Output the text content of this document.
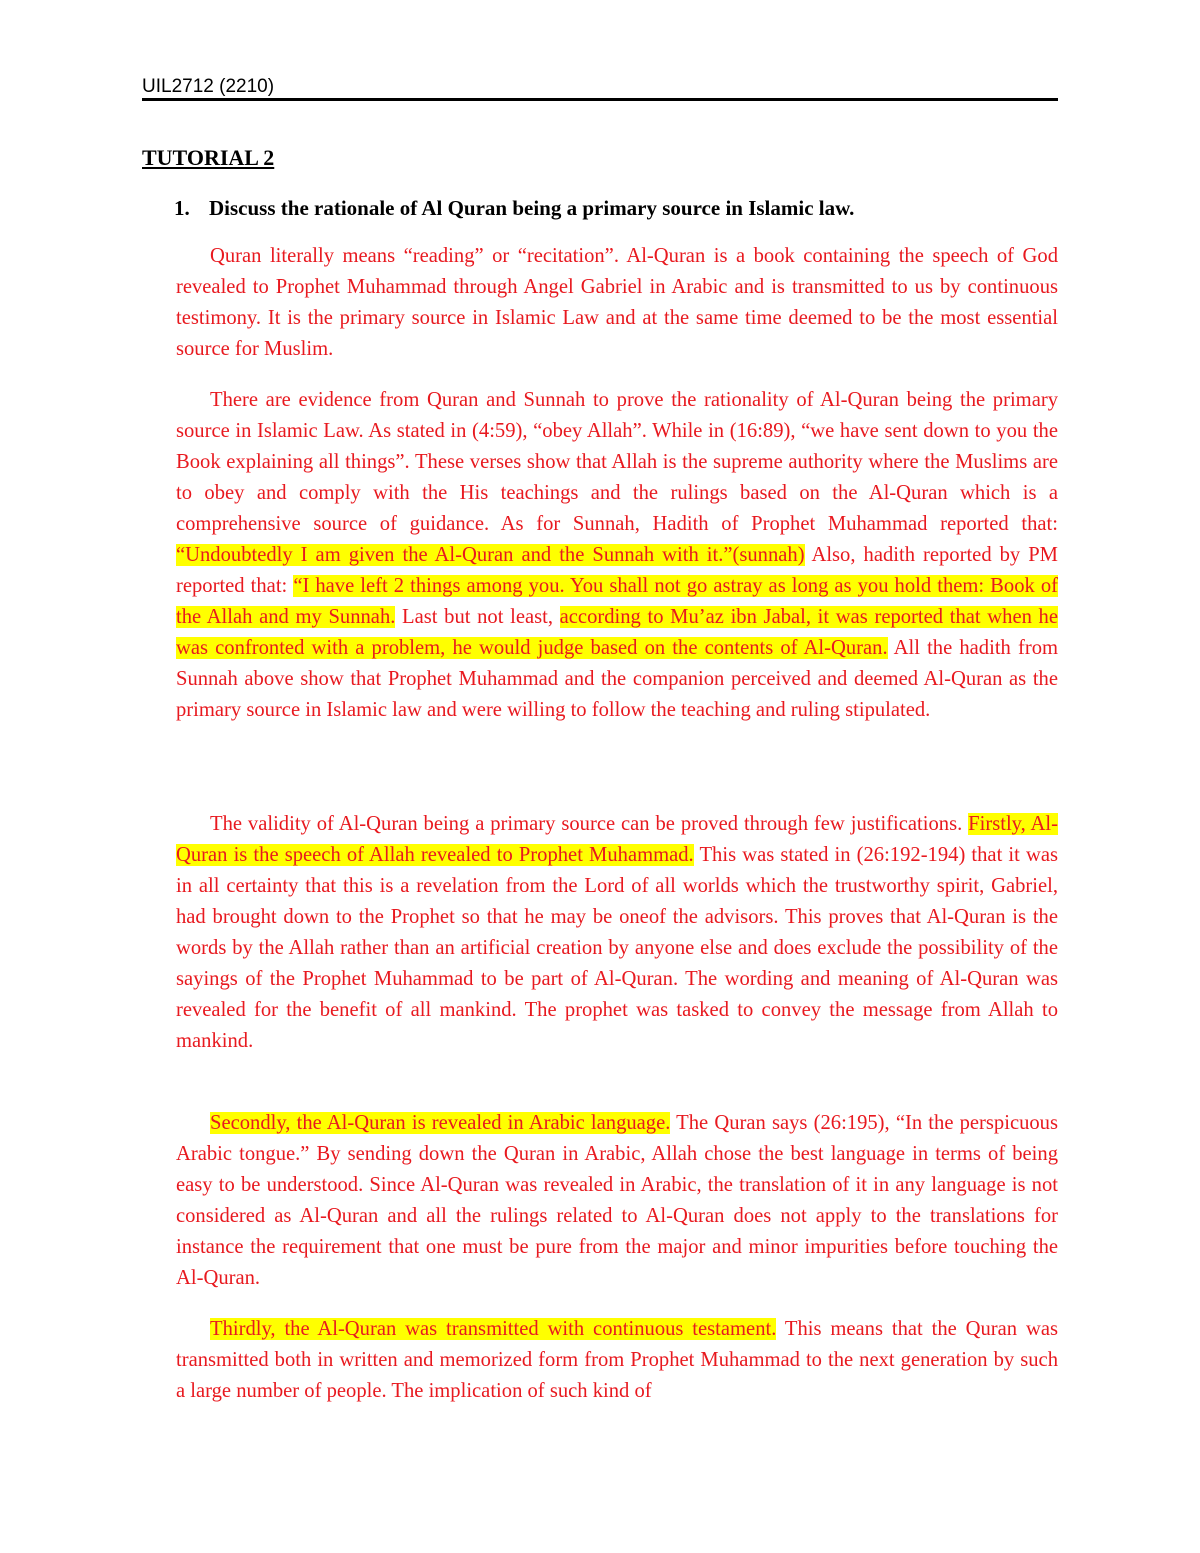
UIL2712 (2210)
TUTORIAL 2
1. Discuss the rationale of Al Quran being a primary source in Islamic law.

Quran literally means “reading” or “recitation”. Al-Quran is a book containing the speech of God revealed to Prophet Muhammad through Angel Gabriel in Arabic and is transmitted to us by continuous testimony. It is the primary source in Islamic Law and at the same time deemed to be the most essential source for Muslim.

There are evidence from Quran and Sunnah to prove the rationality of Al-Quran being the primary source in Islamic Law. As stated in (4:59), “obey Allah”. While in (16:89), “we have sent down to you the Book explaining all things”. These verses show that Allah is the supreme authority where the Muslims are to obey and comply with the His teachings and the rulings based on the Al-Quran which is a comprehensive source of guidance. As for Sunnah, Hadith of Prophet Muhammad reported that: “Undoubtedly I am given the Al-Quran and the Sunnah with it.”(sunnah) Also, hadith reported by PM reported that: “I have left 2 things among you. You shall not go astray as long as you hold them: Book of the Allah and my Sunnah. Last but not least, according to Mu’az ibn Jabal, it was reported that when he was confronted with a problem, he would judge based on the contents of Al-Quran. All the hadith from Sunnah above show that Prophet Muhammad and the companion perceived and deemed Al-Quran as the primary source in Islamic law and were willing to follow the teaching and ruling stipulated.

The validity of Al-Quran being a primary source can be proved through few justifications. Firstly, Al-Quran is the speech of Allah revealed to Prophet Muhammad. This was stated in (26:192-194) that it was in all certainty that this is a revelation from the Lord of all worlds which the trustworthy spirit, Gabriel, had brought down to the Prophet so that he may be oneof the advisors. This proves that Al-Quran is the words by the Allah rather than an artificial creation by anyone else and does exclude the possibility of the sayings of the Prophet Muhammad to be part of Al-Quran. The wording and meaning of Al-Quran was revealed for the benefit of all mankind. The prophet was tasked to convey the message from Allah to mankind.

Secondly, the Al-Quran is revealed in Arabic language. The Quran says (26:195), “In the perspicuous Arabic tongue.” By sending down the Quran in Arabic, Allah chose the best language in terms of being easy to be understood. Since Al-Quran was revealed in Arabic, the translation of it in any language is not considered as Al-Quran and all the rulings related to Al-Quran does not apply to the translations for instance the requirement that one must be pure from the major and minor impurities before touching the Al-Quran.

Thirdly, the Al-Quran was transmitted with continuous testament. This means that the Quran was transmitted both in written and memorized form from Prophet Muhammad to the next generation by such a large number of people. The implication of such kind of
